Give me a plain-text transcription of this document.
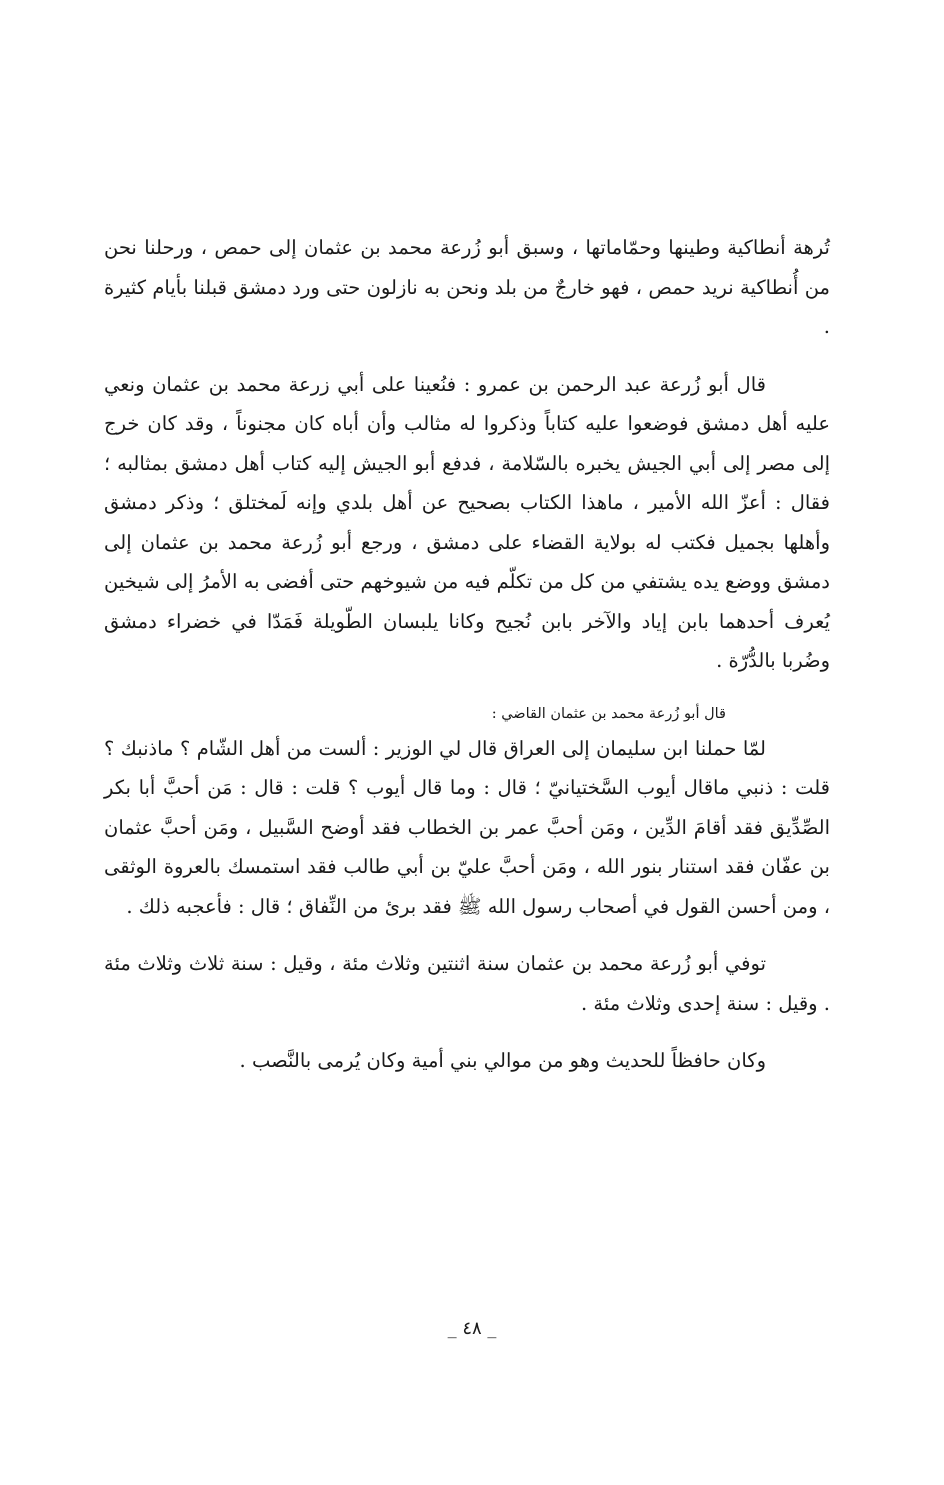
تُرهة أنطاكية وطينها وحمّاماتها ، وسبق أبو زُرعة محمد بن عثمان إلى حمص ، ورحلنا نحن من أُنطاكية نريد حمص ، فهو خارجٌ من بلد ونحن به نازلون حتى ورد دمشق قبلنا بأيام كثيرة .

قال أبو زُرعة عبد الرحمن بن عمرو : فنُعينا على أبي زرعة محمد بن عثمان ونعي عليه أهل دمشق فوضعوا عليه كتاباً وذكروا له مثالب وأن أباه كان مجنوناً ، وقد كان خرج إلى مصر إلى أبي الجيش يخبره بالسّلامة ، فدفع أبو الجيش إليه كتاب أهل دمشق بمثالبه ؛ فقال : أعزّ الله الأمير ، ماهذا الكتاب بصحيح عن أهل بلدي وإنه لَمختلق ؛ وذكر دمشق وأهلها بجميل فكتب له بولاية القضاء على دمشق ، ورجع أبو زُرعة محمد بن عثمان إلى دمشق ووضع يده يشتفي من كل من تكلّم فيه من شيوخهم حتى أفضى به الأمرُ إلى شيخين يُعرف أحدهما بابن إياد والآخر بابن نُجيح وكانا يلبسان الطّويلة فَمَدّا في خضراء دمشق وضُربا بالدُّرّة .

قال أبو زُرعة محمد بن عثمان القاضي :

لمّا حملنا ابن سليمان إلى العراق قال لي الوزير : ألست من أهل الشّام ؟ ماذنبك ؟ قلت : ذنبي ماقال أيوب السَّختيانيّ ؛ قال : وما قال أيوب ؟ قلت : قال : مَن أحبَّ أبا بكر الصِّدِّيق فقد أقامَ الدِّين ، ومَن أحبَّ عمر بن الخطاب فقد أوضح السَّبيل ، ومَن أحبَّ عثمان بن عفّان فقد استنار بنور الله ، ومَن أحبَّ عليّ بن أبي طالب فقد استمسك بالعروة الوثقى ، ومن أحسن القول في أصحاب رسول الله ﷺ فقد برئ من النِّفاق ؛ قال : فأعجبه ذلك .

توفي أبو زُرعة محمد بن عثمان سنة اثنتين وثلاث مئة ، وقيل : سنة ثلاث وثلاث مئة . وقيل : سنة إحدى وثلاث مئة .

وكان حافظاً للحديث وهو من موالي بني أمية وكان يُرمى بالنَّصب .

_ ٤٨ _
